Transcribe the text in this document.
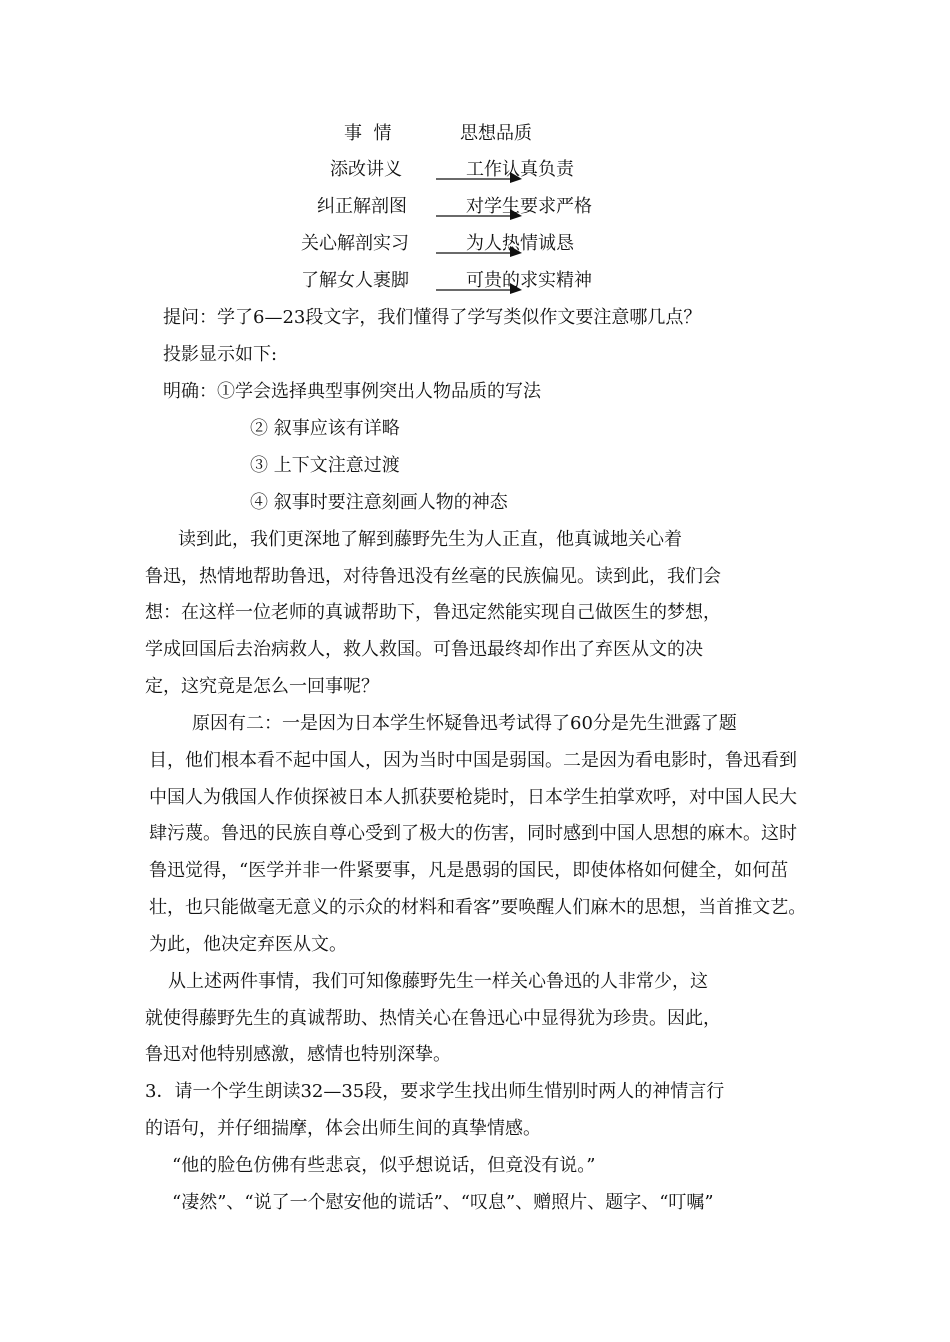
事  情	思想品质
添改讲义	工作认真负责
纠正解剖图	对学生要求严格
关心解剖实习	为人热情诚恳
了解女人裹脚	可贵的求实精神
提问：学了6—23段文字，我们懂得了学写类似作文要注意哪几点？
投影显示如下:
明确：①学会选择典型事例突出人物品质的写法
② 叙事应该有详略
③ 上下文注意过渡
④ 叙事时要注意刻画人物的神态
读到此，我们更深地了解到藤野先生为人正直，他真诚地关心着
鲁迅，热情地帮助鲁迅，对待鲁迅没有丝毫的民族偏见。读到此，我们会
想：在这样一位老师的真诚帮助下，鲁迅定然能实现自己做医生的梦想，
学成回国后去治病救人，救人救国。可鲁迅最终却作出了弃医从文的决
定，这究竟是怎么一回事呢？
原因有二：一是因为日本学生怀疑鲁迅考试得了60分是先生泄露了题
目，他们根本看不起中国人，因为当时中国是弱国。二是因为看电影时，鲁迅看到
中国人为俄国人作侦探被日本人抓获要枪毙时，日本学生拍掌欢呼，对中国人民大
肆污蔑。鲁迅的民族自尊心受到了极大的伤害，同时感到中国人思想的麻木。这时
鲁迅觉得，“医学并非一件紧要事，凡是愚弱的国民，即使体格如何健全，如何茁
壮，也只能做毫无意义的示众的材料和看客”要唤醒人们麻木的思想，当首推文艺。
为此，他决定弃医从文。
从上述两件事情，我们可知像藤野先生一样关心鲁迅的人非常少，这
就使得藤野先生的真诚帮助、热情关心在鲁迅心中显得犹为珍贵。因此，
鲁迅对他特别感激，感情也特别深挚。
3．请一个学生朗读32—35段，要求学生找出师生惜别时两人的神情言行
的语句，并仔细揣摩，体会出师生间的真挚情感。
“他的脸色仿佛有些悲哀，似乎想说话，但竟没有说。”
“凄然”、“说了一个慰安他的谎话”、“叹息”、赠照片、题字、“叮嘱”
